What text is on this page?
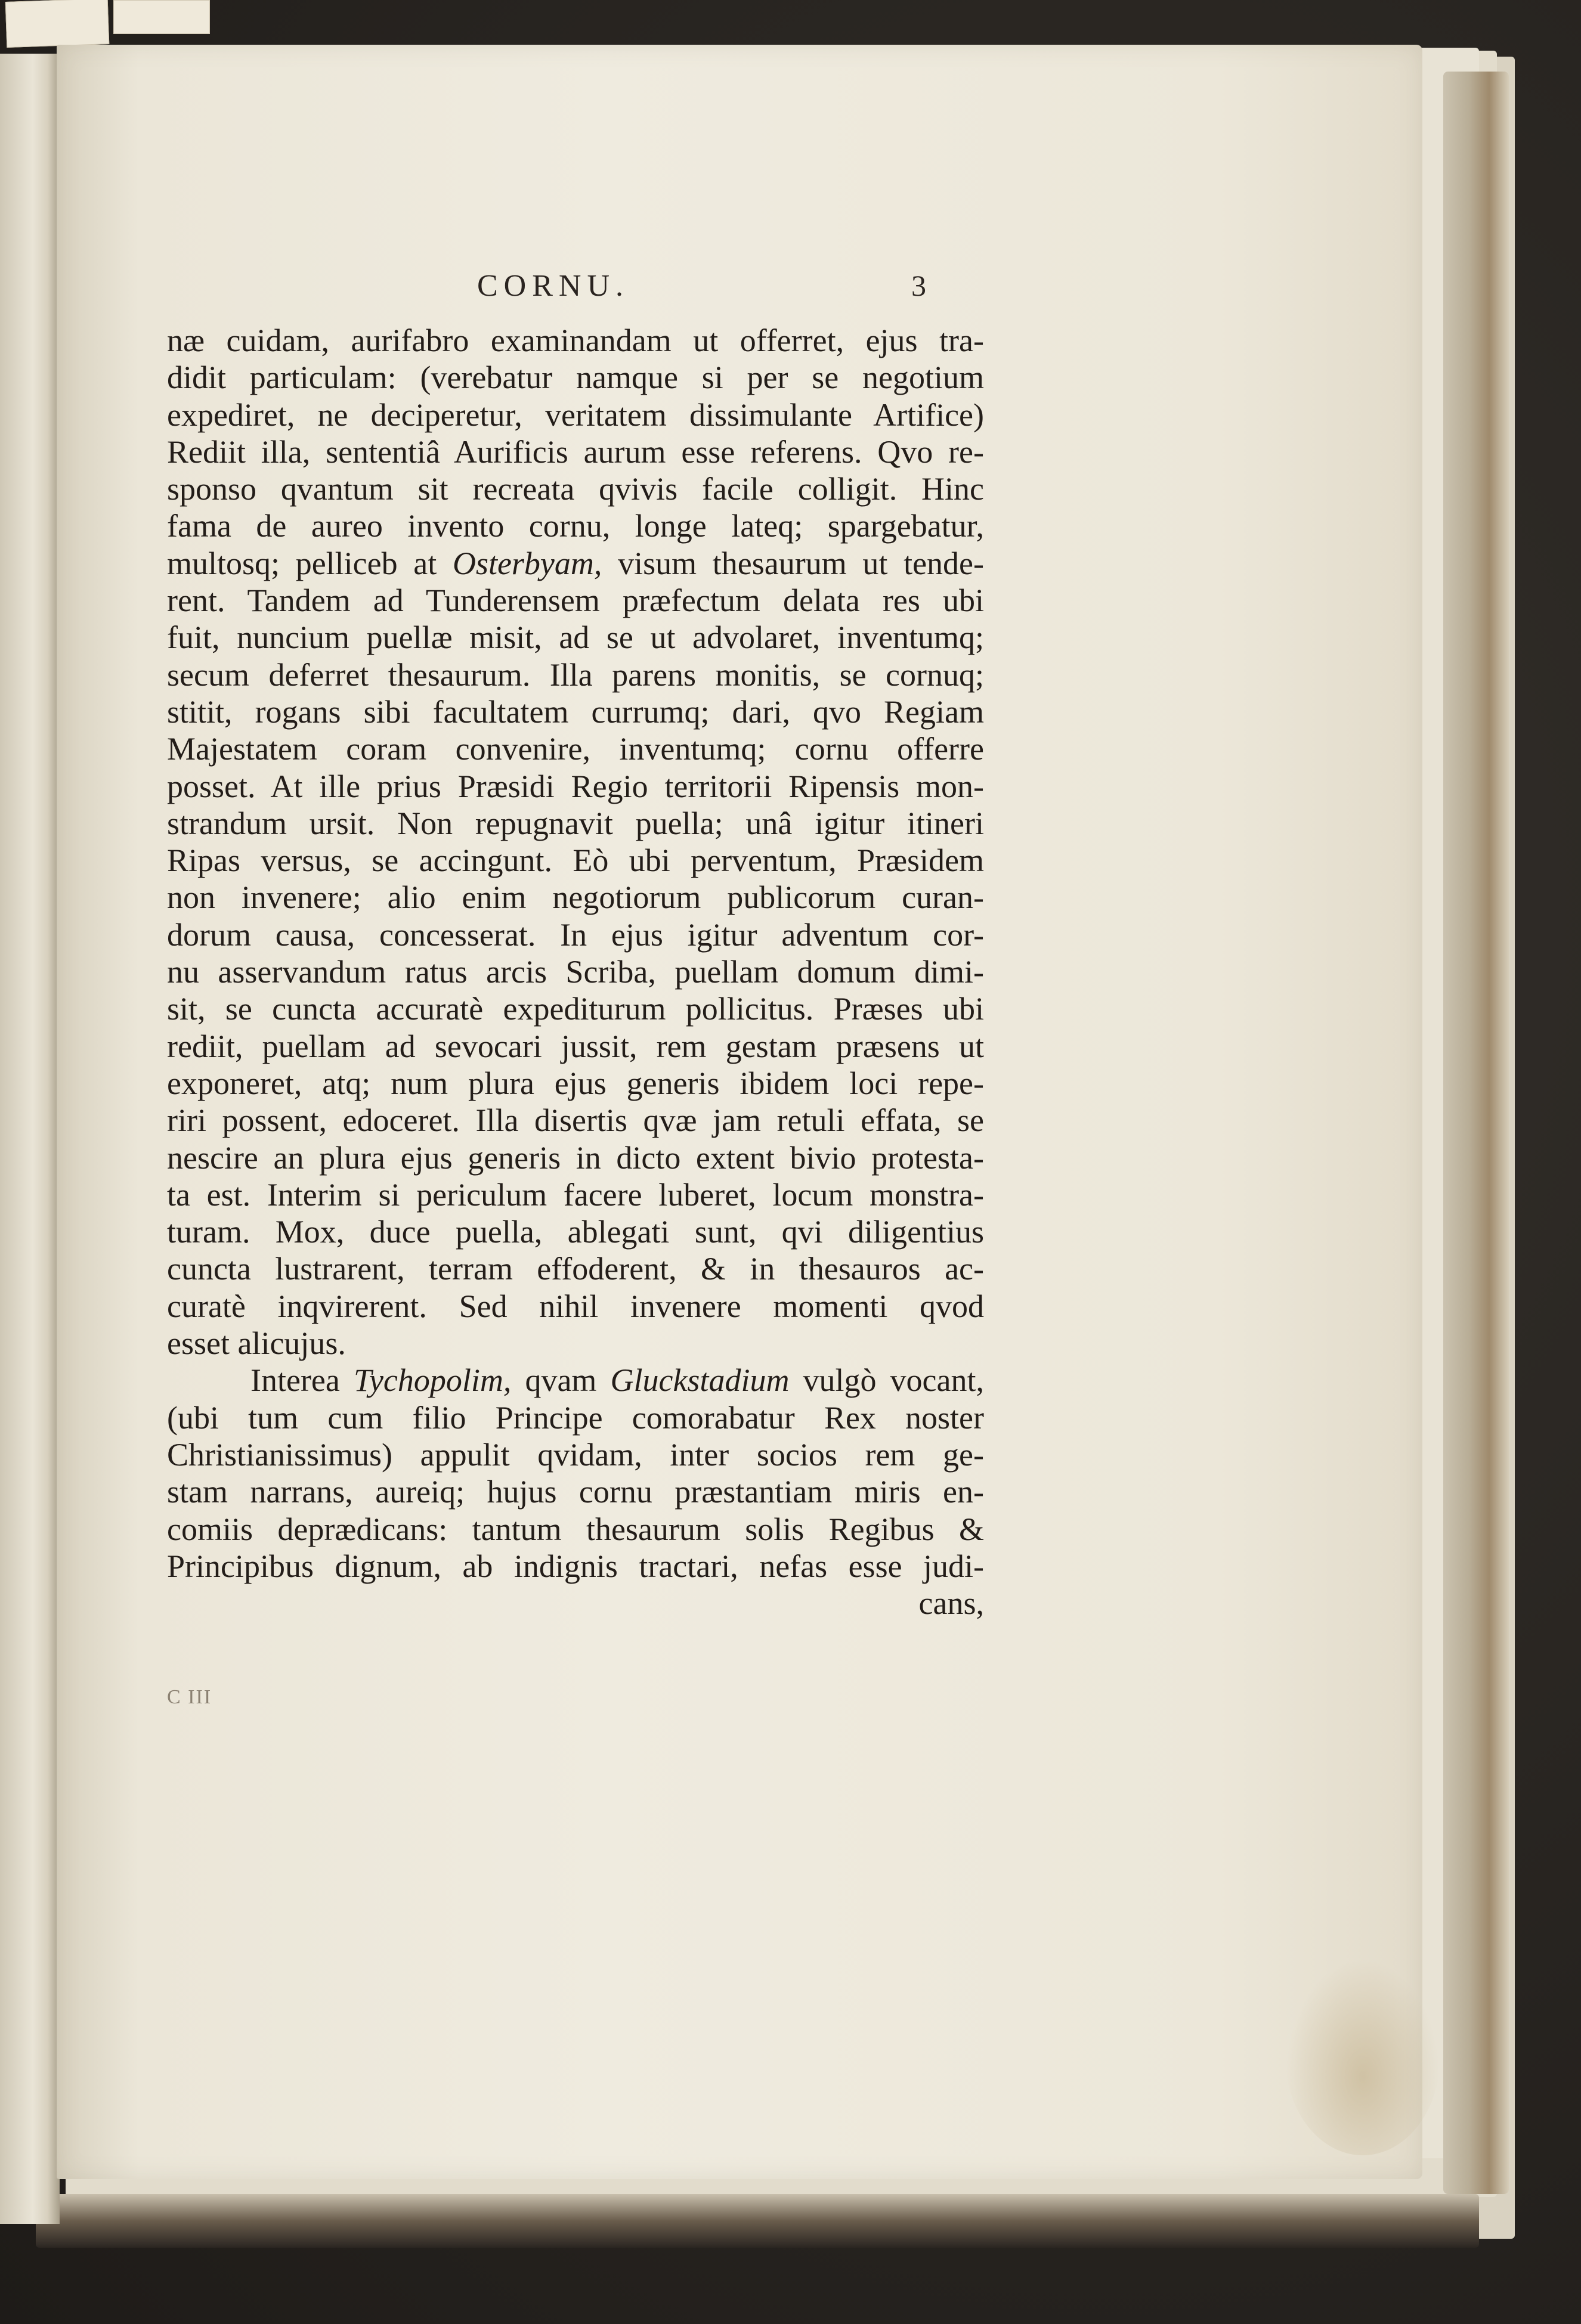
CORNU.	3
næ cuidam, aurifabro examinandam ut offerret, ejus tra-
didit particulam: (verebatur namque si per se negotium
expediret, ne deciperetur, veritatem dissimulante Artifice)
Rediit illa, sententiâ Aurificis aurum esse referens. Qvo re-
sponso qvantum sit recreata qvivis facile colligit. Hinc
fama de aureo invento cornu, longe lateq; spargebatur,
multosq; pelliceb at Osterbyam, visum thesaurum ut tende-
rent. Tandem ad Tunderensem præfectum delata res ubi
fuit, nuncium puellæ misit, ad se ut advolaret, inventumq;
secum deferret thesaurum. Illa parens monitis, se cornuq;
stitit, rogans sibi facultatem currumq; dari, qvo Regiam
Majestatem coram convenire, inventumq; cornu offerre
posset. At ille prius Præsidi Regio territorii Ripensis mon-
strandum ursit. Non repugnavit puella; unâ igitur itineri
Ripas versus, se accingunt. Eò ubi perventum, Præsidem
non invenere; alio enim negotiorum publicorum curan-
dorum causa, concesserat. In ejus igitur adventum cor-
nu asservandum ratus arcis Scriba, puellam domum dimi-
sit, se cuncta accuratè expediturum pollicitus. Præses ubi
rediit, puellam ad sevocari jussit, rem gestam præsens ut
exponeret, atq; num plura ejus generis ibidem loci repe-
riri possent, edoceret. Illa disertis qvæ jam retuli effata, se
nescire an plura ejus generis in dicto extent bivio protesta-
ta est. Interim si periculum facere luberet, locum monstra-
turam. Mox, duce puella, ablegati sunt, qvi diligentius
cuncta lustrarent, terram effoderent, & in thesauros ac-
curatè inqvirerent. Sed nihil invenere momenti qvod
esset alicujus.
Interea Tychopolim, qvam Gluckstadium vulgò vocant,
(ubi tum cum filio Principe comorabatur Rex noster
Christianissimus) appulit qvidam, inter socios rem ge-
stam narrans, aureiq; hujus cornu præstantiam miris en-
comiis deprædicans: tantum thesaurum solis Regibus &
Principibus dignum, ab indignis tractari, nefas esse judi-
cans,
C III
